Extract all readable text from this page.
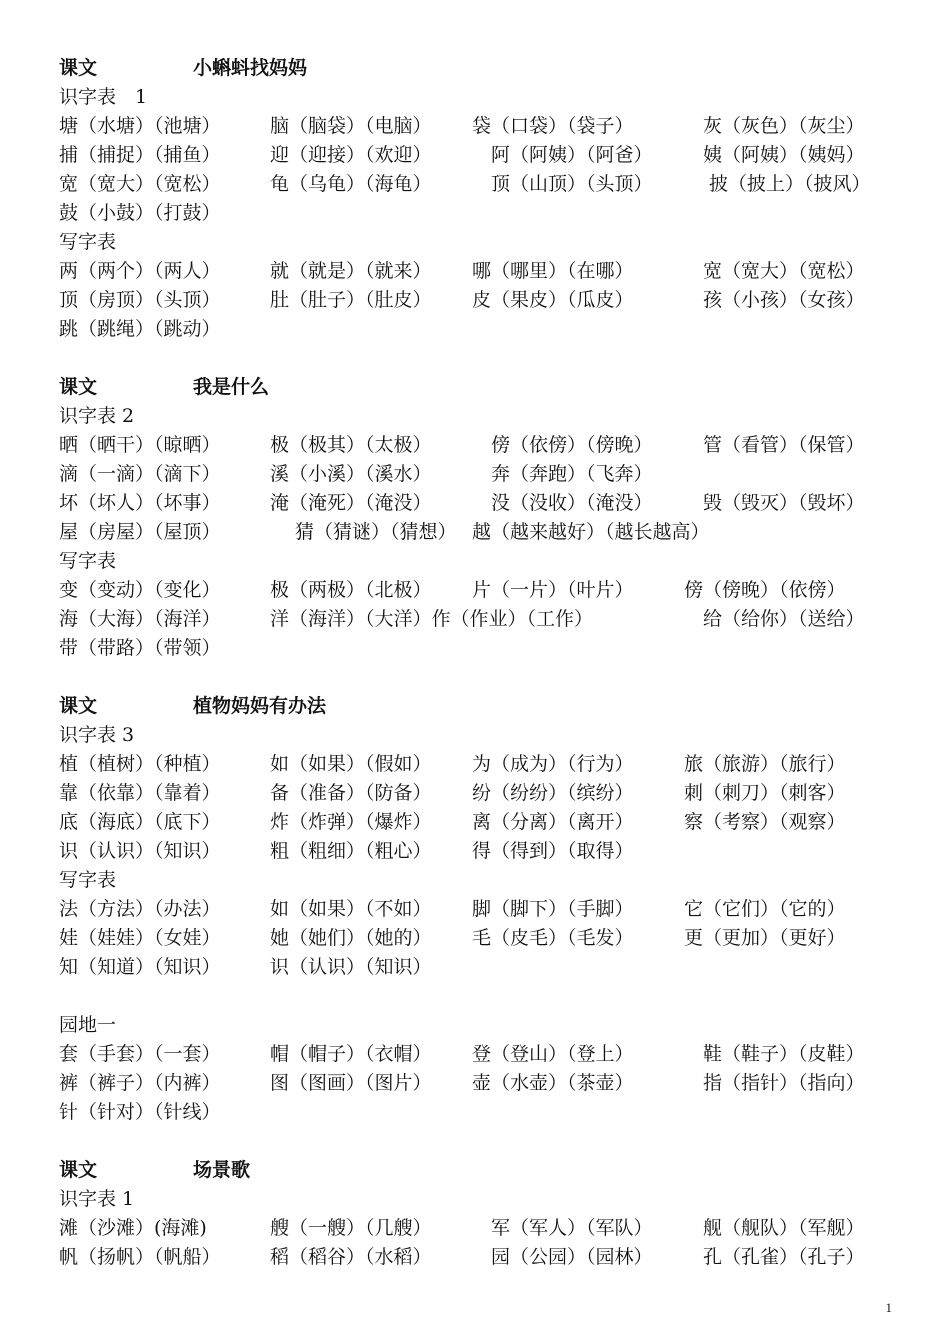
课文	小蝌蚪找妈妈
识字表　1
塘（水塘）（池塘）	脑（脑袋）（电脑） 袋（口袋）（袋子）	　灰（灰色）（灰尘）
捕（捕捉）（捕鱼）	迎（迎接）（欢迎）　阿（阿姨）（阿爸）　姨（阿姨）（姨妈）
宽（宽大）（宽松）	龟（乌龟）（海龟）　顶（山顶）（头顶）　 披（披上）（披风）
鼓（小鼓）（打鼓）
写字表
两（两个）（两人）	就（就是）（就来） 哪（哪里）（在哪）	　宽（宽大）（宽松）
顶（房顶）（头顶）	肚（肚子）（肚皮） 皮（果皮）（瓜皮）	　孩（小孩）（女孩）
跳（跳绳）（跳动）
课文	我是什么
识字表 2
晒（晒干）（晾晒）	极（极其）（太极）　傍（依傍）（傍晚）　管（看管）（保管）
滴（一滴）（滴下）	溪（小溪）（溪水）　奔（奔跑）（飞奔）
坏（坏人）（坏事）	淹（淹死）（淹没）　没（没收）（淹没）　毁（毁灭）（毁坏）
屋（房屋）（屋顶）	　 猜（猜谜）（猜想） 越（越来越好）（越长越高）
写字表
变（变动）（变化）	极（两极）（北极） 片（一片）（叶片）	傍（傍晚）（依傍）
海（大海）（海洋）	洋（海洋）（大洋）作（作业）（工作）	　给（给你）（送给）
带（带路）（带领）
课文	植物妈妈有办法
识字表 3
植（植树）（种植）	如（如果）（假如） 为（成为）（行为）	旅（旅游）（旅行）
靠（依靠）（靠着）	备（准备）（防备） 纷（纷纷）（缤纷）	刺（刺刀）（刺客）
底（海底）（底下）	炸（炸弹）（爆炸） 离（分离）（离开）	察（考察）（观察）
识（认识）（知识）	粗（粗细）（粗心） 得（得到）（取得）
写字表
法（方法）（办法）	如（如果）（不如） 脚（脚下）（手脚）	它（它们）（它的）
娃（娃娃）（女娃）	她（她们）（她的） 毛（皮毛）（毛发）	更（更加）（更好）
知（知道）（知识）	识（认识）（知识）
园地一
套（手套）（一套）	帽（帽子）（衣帽） 登（登山）（登上）	　鞋（鞋子）（皮鞋）
裤（裤子）（内裤）	图（图画）（图片） 壶（水壶）（茶壶）	　指（指针）（指向）
针（针对）（针线）
课文	场景歌
识字表 1
滩（沙滩）(海滩)	艘（一艘）（几艘）　军（军人）（军队）　舰（舰队）（军舰）
帆（扬帆）（帆船）	稻（稻谷）（水稻）　园（公园）（园林）　孔（孔雀）（孔子）
1
